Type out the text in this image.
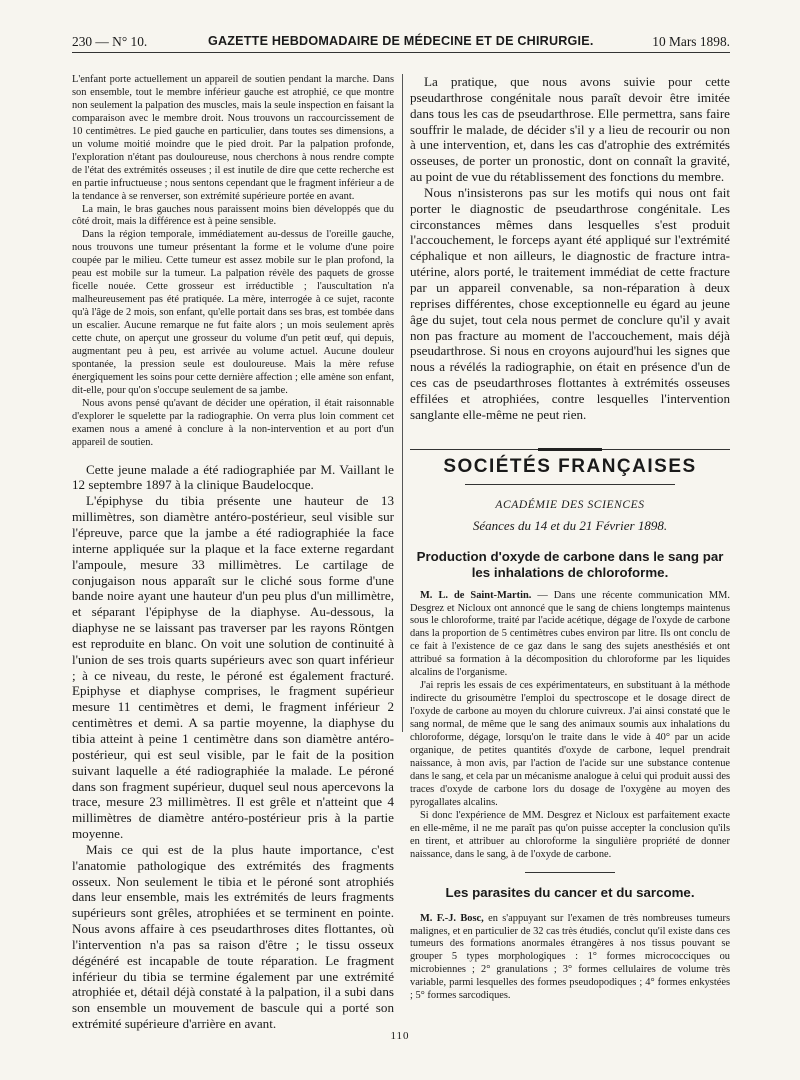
230 — N° 10.	GAZETTE HEBDOMADAIRE DE MÉDECINE ET DE CHIRURGIE.	10 Mars 1898.

L'enfant porte actuellement un appareil de soutien pendant la marche. Dans son ensemble, tout le membre inférieur gauche est atrophié, ce que montre non seulement la palpation des muscles, mais la seule inspection en faisant la comparaison avec le membre droit. Nous trouvons un raccourcissement de 10 centimètres. Le pied gauche en particulier, dans toutes ses dimensions, a un volume moitié moindre que le pied droit. Par la palpation profonde, l'exploration n'étant pas douloureuse, nous cherchons à nous rendre compte de l'état des extrémités osseuses ; il est inutile de dire que cette recherche est en partie infructueuse ; nous sentons cependant que le fragment inférieur a de la tendance à se renverser, son extrémité supérieure portée en avant.

La main, le bras gauches nous paraissent moins bien développés que du côté droit, mais la différence est à peine sensible.

Dans la région temporale, immédiatement au-dessus de l'oreille gauche, nous trouvons une tumeur présentant la forme et le volume d'une poire coupée par le milieu. Cette tumeur est assez mobile sur le plan profond, la peau est mobile sur la tumeur. La palpation révèle des paquets de grosse ficelle nouée. Cette grosseur est irréductible ; l'auscultation n'a malheureusement pas été pratiquée. La mère, interrogée à ce sujet, raconte qu'à l'âge de 2 mois, son enfant, qu'elle portait dans ses bras, est tombée dans un escalier. Aucune remarque ne fut faite alors ; un mois seulement après cette chute, on aperçut une grosseur du volume d'un petit œuf, qui depuis, augmentant peu à peu, est arrivée au volume actuel. Aucune douleur spontanée, la pression seule est douloureuse. Mais la mère refuse énergiquement les soins pour cette dernière affection ; elle amène son enfant, dit-elle, pour qu'on s'occupe seulement de sa jambe.

Nous avons pensé qu'avant de décider une opération, il était raisonnable d'explorer le squelette par la radiographie. On verra plus loin comment cet examen nous a amené à conclure à la non-intervention et au port d'un appareil de soutien.

Cette jeune malade a été radiographiée par M. Vaillant le 12 septembre 1897 à la clinique Baudelocque.

L'épiphyse du tibia présente une hauteur de 13 millimètres, son diamètre antéro-postérieur, seul visible sur l'épreuve, parce que la jambe a été radiographiée la face interne appliquée sur la plaque et la face externe regardant l'ampoule, mesure 33 millimètres. Le cartilage de conjugaison nous apparaît sur le cliché sous forme d'une bande noire ayant une hauteur d'un peu plus d'un millimètre, et séparant l'épiphyse de la diaphyse. Au-dessous, la diaphyse ne se laissant pas traverser par les rayons Röntgen est reproduite en blanc. On voit une solution de continuité à l'union de ses trois quarts supérieurs avec son quart inférieur ; à ce niveau, du reste, le péroné est également fracturé. Epiphyse et diaphyse comprises, le fragment supérieur mesure 11 centimètres et demi, le fragment inférieur 2 centimètres et demi. A sa partie moyenne, la diaphyse du tibia atteint à peine 1 centimètre dans son diamètre antéro-postérieur, qui est seul visible, par le fait de la position suivant laquelle a été radiographiée la malade. Le péroné dans son fragment supérieur, duquel seul nous apercevons la trace, mesure 23 millimètres. Il est grêle et n'atteint que 4 millimètres de diamètre antéro-postérieur pris à la partie moyenne.

Mais ce qui est de la plus haute importance, c'est l'anatomie pathologique des extrémités des fragments osseux. Non seulement le tibia et le péroné sont atrophiés dans leur ensemble, mais les extrémités de leurs fragments supérieurs sont grêles, atrophiées et se terminent en pointe. Nous avons affaire à ces pseudarthroses dites flottantes, où l'intervention n'a pas sa raison d'être ; le tissu osseux dégénéré est incapable de toute réparation. Le fragment inférieur du tibia se termine également par une extrémité atrophiée et, détail déjà constaté à la palpation, il a subi dans son ensemble un mouvement de bascule qui a porté son extrémité supérieure d'arrière en avant.

La pratique, que nous avons suivie pour cette pseudarthrose congénitale nous paraît devoir être imitée dans tous les cas de pseudarthrose. Elle permettra, sans faire souffrir le malade, de décider s'il y a lieu de recourir ou non à une intervention, et, dans les cas d'atrophie des extrémités osseuses, de porter un pronostic, dont on connaît la gravité, au point de vue du rétablissement des fonctions du membre.

Nous n'insisterons pas sur les motifs qui nous ont fait porter le diagnostic de pseudarthrose congénitale. Les circonstances mêmes dans lesquelles s'est produit l'accouchement, le forceps ayant été appliqué sur l'extrémité céphalique et non ailleurs, le diagnostic de fracture intra-utérine, alors porté, le traitement immédiat de cette fracture par un appareil convenable, sa non-réparation à deux reprises différentes, chose exceptionnelle eu égard au jeune âge du sujet, tout cela nous permet de conclure qu'il y avait non pas fracture au moment de l'accouchement, mais déjà pseudarthrose. Si nous en croyons aujourd'hui les signes que nous a révélés la radiographie, on était en présence d'un de ces cas de pseudarthroses flottantes à extrémités osseuses effilées et atrophiées, contre lesquelles l'intervention sanglante elle-même ne peut rien.

SOCIÉTÉS FRANÇAISES
ACADÉMIE DES SCIENCES
Séances du 14 et du 21 Février 1898.
Production d'oxyde de carbone dans le sang par les inhalations de chloroforme.

M. L. de Saint-Martin. — Dans une récente communication MM. Desgrez et Nicloux ont annoncé que le sang de chiens longtemps maintenus sous le chloroforme, traité par l'acide acétique, dégage de l'oxyde de carbone dans la proportion de 5 centimètres cubes environ par litre. Ils ont conclu de ce fait à l'existence de ce gaz dans le sang des sujets anesthésiés et ont attribué sa formation à la décomposition du chloroforme par les liquides alcalins de l'organisme.

J'ai repris les essais de ces expérimentateurs, en substituant à la méthode indirecte du grisoumètre l'emploi du spectroscope et le dosage direct de l'oxyde de carbone au moyen du chlorure cuivreux. J'ai ainsi constaté que le sang normal, de même que le sang des animaux soumis aux inhalations du chloroforme, dégage, lorsqu'on le traite dans le vide à 40° par un acide organique, de petites quantités d'oxyde de carbone, lequel prendrait naissance, à mon avis, par l'action de l'acide sur une substance contenue dans le sang, et cela par un mécanisme analogue à celui qui produit aussi des traces d'oxyde de carbone lors du dosage de l'oxygène au moyen des pyrogallates alcalins.

Si donc l'expérience de MM. Desgrez et Nicloux est parfaitement exacte en elle-même, il ne me paraît pas qu'on puisse accepter la conclusion qu'ils en tirent, et attribuer au chloroforme la singulière propriété de donner naissance, dans le sang, à de l'oxyde de carbone.

Les parasites du cancer et du sarcome.

M. F.-J. Bosc, en s'appuyant sur l'examen de très nombreuses tumeurs malignes, et en particulier de 32 cas très étudiés, conclut qu'il existe dans ces tumeurs des formations anormales étrangères à nos tissus pouvant se grouper 5 types morphologiques : 1° formes micrococciques ou microbiennes ; 2° granulations ; 3° formes cellulaires de volume très variable, parmi lesquelles des formes pseudopodiques ; 4° formes enkystées ; 5° formes sarcodiques.

110
